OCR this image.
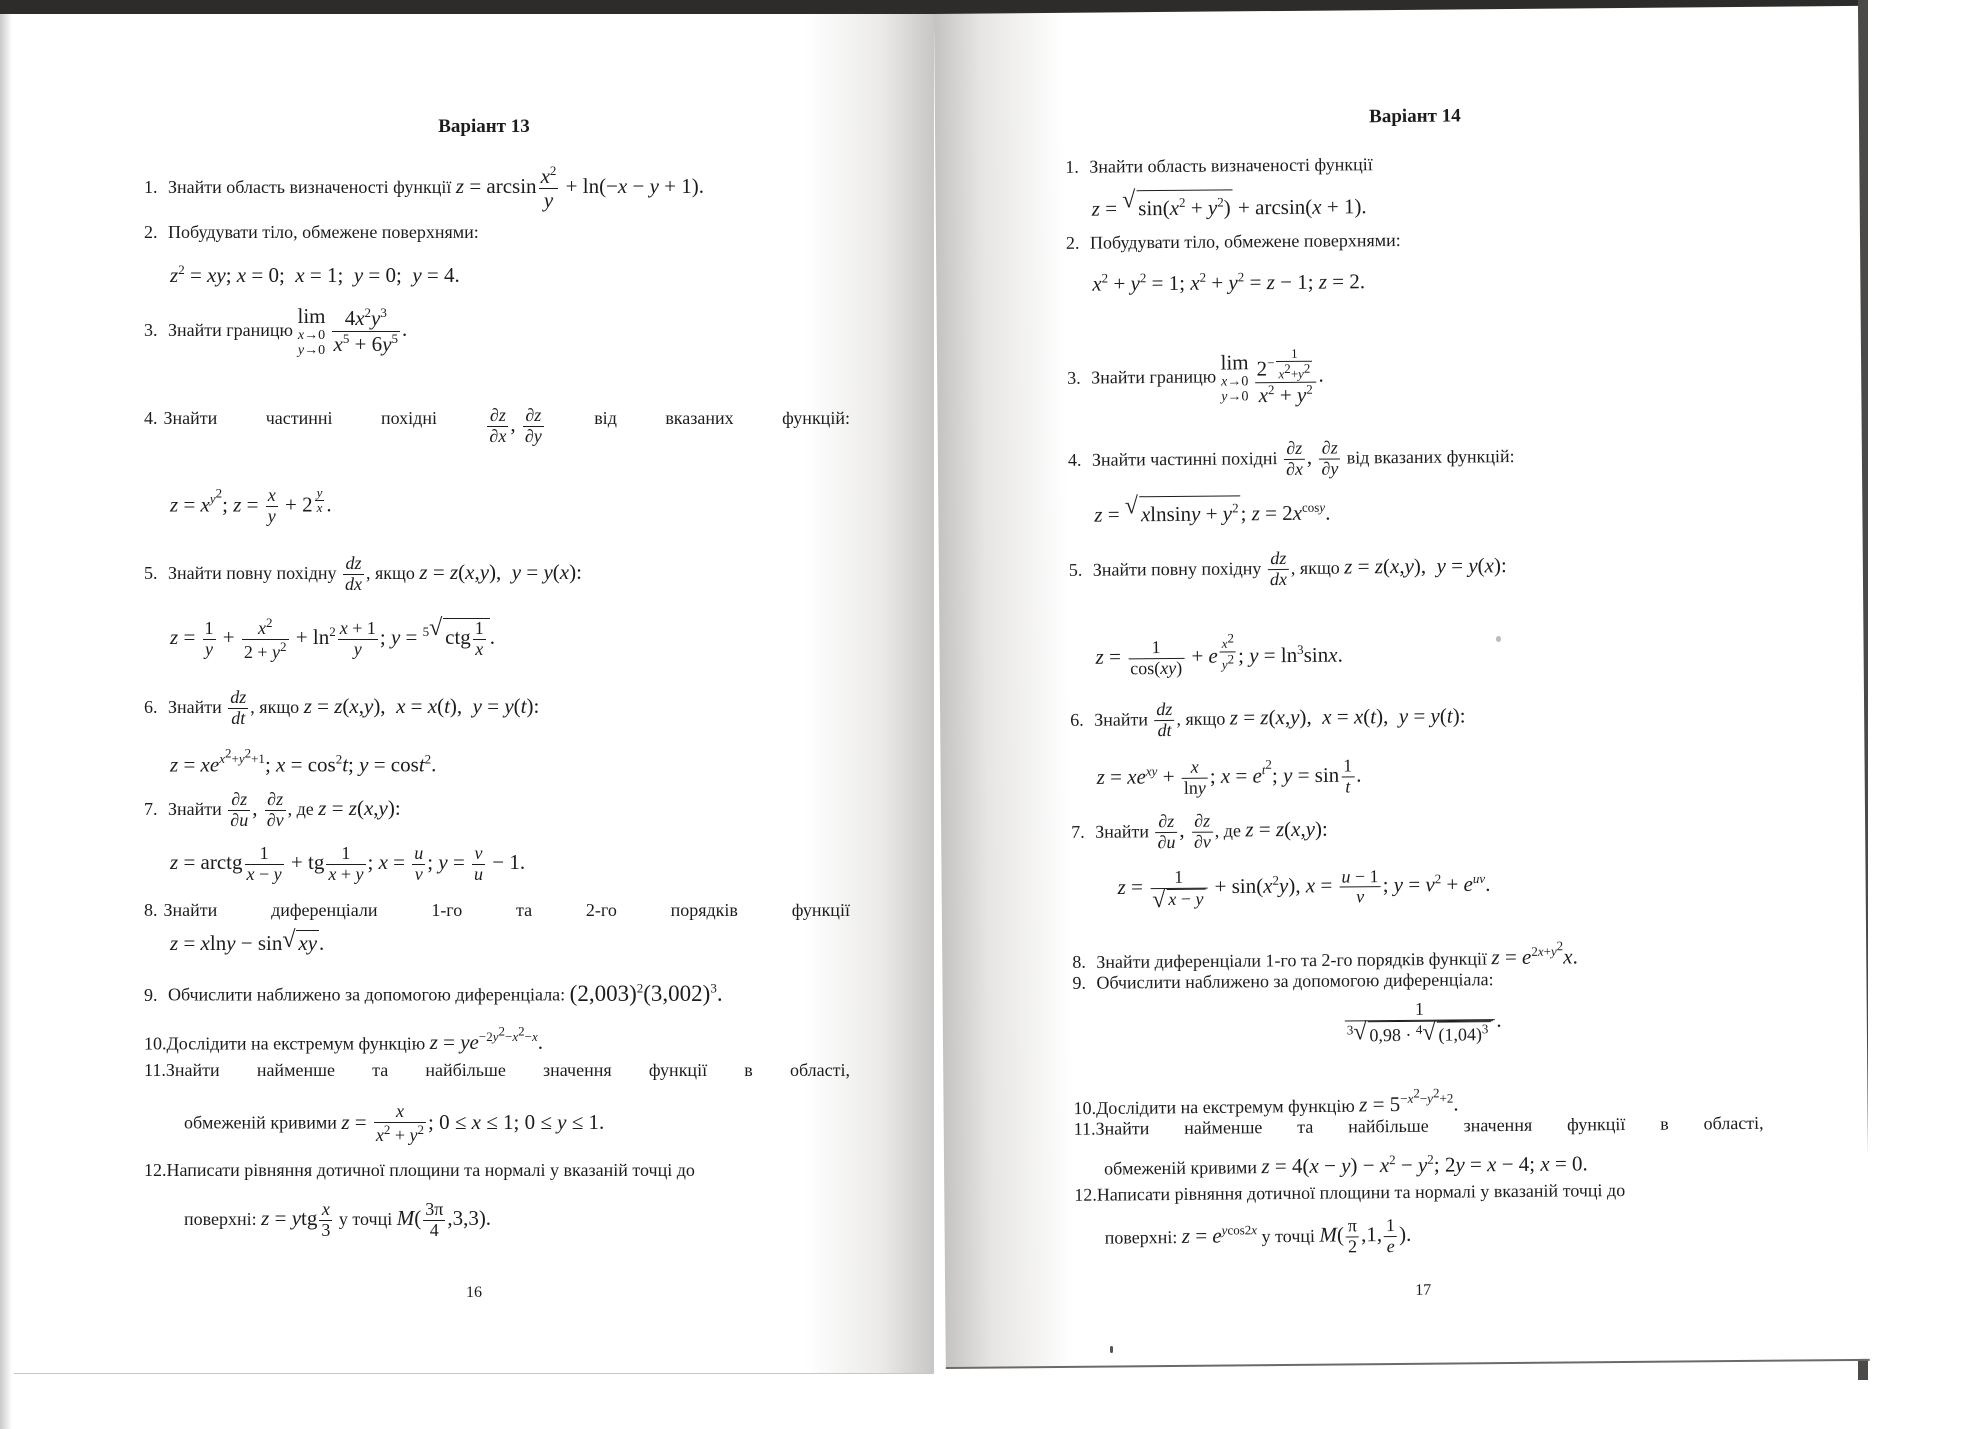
Варіант 13
1. Знайти область визначеності функції $z = \arcsin \frac{x^2}{y} + \ln(-x - y + 1)$.
2. Побудувати тіло, обмежене поверхнями:
$z^2$ = xy; x = 0;  x = 1;  y = 0;  y = 4.
3. Знайти границю lim
x→0
$y\to 0 \frac{4x^2y^3}{x^5 + 6y^5}$ .
4. Знайти	частинні	похідні	$\frac{\partial z}{\partial x}$ , $\frac{\partial z}{\partial y}$	від	вказаних	функцій:
$z = x^{y^2}$; $z = \frac{x}{y} + 2$ $^{\frac{y}{x}}$ .
5. Знайти повну похідну $\frac{dz}{dx}$ , якщо z = z(x,y),  y = y(x):
$z = \frac{1}{y} + \frac{x^2}{2 + y^2} + \ln^2 \frac{x + 1}{y}$ ; y = $^5$ √ ctg $\frac{1}{x}$ .
6. Знайти $\frac{dz}{dt}$ , якщо z = z(x,y),  x = x(t),  y = y(t):
$z = xe^{x^2+y^2+1}$; $x = \cos^2t$; y = cost$^2$.
7. Знайти $\frac{\partial z}{\partial u}$ , $\frac{\partial z}{\partial v}$ , де z = z(x,y):
z = arctg $\frac{1}{x - y}$ + tg $\frac{1}{x + y}$ ; $x = \frac{u}{v}$ ; $y = \frac{v}{u} - 1$.
8. Знайти	диференціали	1-го	та	2-го	порядків	функції
z = xlny − sin √ xy.
9. Обчислити наближено за допомогою диференціала: $(2,003)^2(3,002)^3$.
10.Дослідити на екстремум функцію $z = ye^{-2y^2-x^2-x}$.
11.Знайти найменше та найбільше значення функції в області,
обмеженій кривими $z = \frac{x}{x^2 + y^2}$ ; 0 ≤ x ≤ 1; 0 ≤ y ≤ 1.
12.Написати рівняння дотичної площини та нормалі у вказаній точці до
поверхні: z = ytg $\frac{x}{3}$ у точці $M( \frac{3\pi}{4} ,3,3)$.
16
Варіант 14
1. Знайти область визначеності функції
z = √ $\sin(x^2 + y^2) + \arcsin(x + 1)$.
2. Побудувати тіло, обмежене поверхнями:
$x^2 + y^2 = 1$; $x^2 + y^2 = z - 1$; z = 2.
3. Знайти границю lim
x→0
y→0 $2^{- \frac{1}{x^2+y^2}}$
$x^2 + y^2$ .
4. Знайти частинні похідні $\frac{\partial z}{\partial x}$ , $\frac{\partial z}{\partial y}$ від вказаних функцій:
z = √ $xlnsiny + y^2$; $z = 2x^{cosy}$.
5. Знайти повну похідну $\frac{dz}{dx}$ , якщо z = z(x,y),  y = y(x):
$z = \frac{1}{\cos(xy)} + e$ $^{\frac{x^2}{y^2}}$ ; $y = \ln^3\sin x$.
6. Знайти $\frac{dz}{dt}$ , якщо z = z(x,y),  x = x(t),  y = y(t):
$z = xe^{xy} + \frac{x}{\ln y}$ ; $x = e^{t^2}$; $y = \sin \frac{1}{t}$ .
7. Знайти $\frac{\partial z}{\partial u}$ , $\frac{\partial z}{\partial v}$ , де z = z(x,y):
z = 1
√ $x - y + \sin(x^2y)$, $x = \frac{u - 1}{v}$ ; $y = v^2 + e^{uv}$.
8. Знайти диференціали 1-го та 2-го порядків функції $z = e^{2x+y^2}x$.
9. Обчислити наближено за допомогою диференціала:
$\frac{1}{^3 √ 0,98 \cdot ^4 √ (1,04)^3}$ .
10.Дослідити на екстремум функцію $z = 5^{-x^2-y^2+2}$.
11.Знайти найменше та найбільше значення функції в області,
обмеженій кривими $z = 4(x - y) - x^2 - y^2$; 2y = x − 4; x = 0.
12.Написати рівняння дотичної площини та нормалі у вказаній точці до
поверхні: $z = e^{ycos2x}$ у точці $M( \frac{\pi}{2} ,1$, $\frac{1}{e}$ ).
17
